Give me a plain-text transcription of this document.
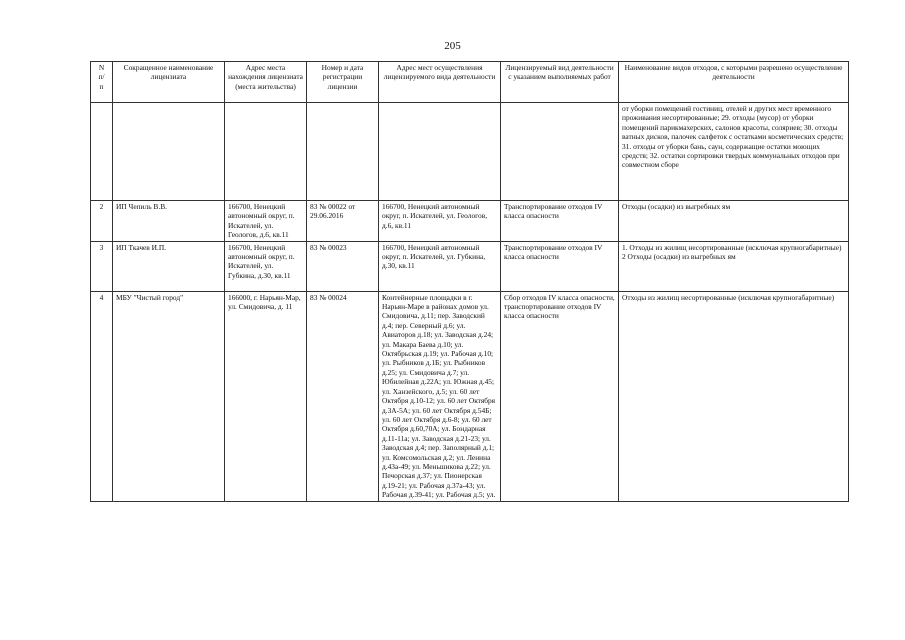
205
N
п/
п	Сокращенное наименование лицензиата	Адрес места нахождения лицензиата (места жительства)	Номер и дата регистрации лицензии	Адрес мест осуществления лицензируемого вида деятельности	Лицензируемый вид деятельности с указанием выполняемых работ	Наименование видов отходов, с которыми разрешено осуществление деятельности
						от уборки помещений гостиниц, отелей и других мест временного проживания несортированные; 29. отходы (мусор) от уборки помещений парикмахерских, салонов красоты, соляриев; 30. отходы ватных дисков, палочек салфеток с остатками косметических средств; 31. отходы от уборки бань, саун, содержащие остатки моющих средств; 32. остатки сортировки твердых коммунальных отходов при совместном сборе
2	ИП Чепиль В.В.	166700, Ненецкий автономный округ, п. Искателей, ул. Геологов, д.6, кв.11	83 № 00022 от 29.06.2016	166700, Ненецкий автономный округ, п. Искателей, ул. Геологов, д.6, кв.11	Транспортирование отходов IV класса опасности	Отходы (осадки) из выгребных ям
3	ИП Ткачев И.П.	166700, Ненецкий автономный округ, п. Искателей, ул. Губкина, д.30, кв.11	83 № 00023	166700, Ненецкий автономный округ, п. Искателей, ул. Губкина, д.30, кв.11	Транспортирование отходов IV класса опасности	1. Отходы из жилищ несортированные (исключая крупногабаритные)
2 Отходы (осадки) из выгребных ям
4	МБУ "Чистый город"	166000, г. Нарьян-Мар, ул. Смидовича, д. 11	83 № 00024	Контейнерные площадки в г. Нарьян-Маре в районах домов ул. Смидовича, д.11; пер. Заводский д.4; пер. Северный д.6; ул. Авиаторов д.18; ул. Заводская д.24; ул. Макара Баева д.10; ул. Октябрьская д.19; ул. Рабочая д.10; ул. Рыбников д.1Б; ул. Рыбников д.25; ул. Смидовича д.7; ул. Юбилейная д.22А; ул. Южная д.45; ул. Ханзейского, д.5; ул. 60 лет Октября д.10-12; ул. 60 лет Октября д.3А-5А; ул. 60 лет Октября д.54Б; ул. 60 лет Октября д.6-8; ул. 60 лет Октября д.60,70А; ул. Бондарная д.11-11а; ул. Заводская д.21-23; ул. Заводская д.4; пер. Заполярный д.1; ул. Комсомольская д.2; ул. Ленина д.43а-49; ул. Меньшикова д.22; ул. Печорская д.37; ул. Пионерская д.19-21; ул. Рабочая д.37а-43; ул. Рабочая д.39-41; ул. Рабочая д.5; ул.	Сбор отходов IV класса опасности, транспортирование отходов IV класса опасности	Отходы из жилищ несортированные (исключая крупногабаритные)
